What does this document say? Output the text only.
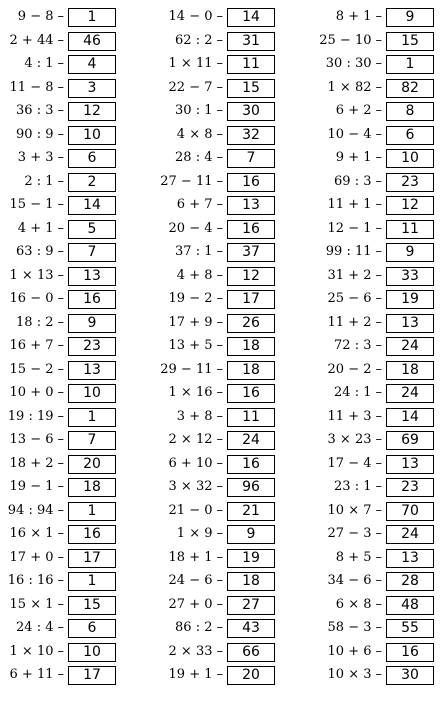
9 − 8 –	1
2 + 44 –	46
4 : 1 –	4
11 − 8 –	3
36 : 3 –	12
90 : 9 –	10
3 + 3 –	6
2 : 1 –	2
15 − 1 –	14
4 + 1 –	5
63 : 9 –	7
1 × 13 –	13
16 − 0 –	16
18 : 2 –	9
16 + 7 –	23
15 − 2 –	13
10 + 0 –	10
19 : 19 –	1
13 − 6 –	7
18 + 2 –	20
19 − 1 –	18
94 : 94 –	1
16 × 1 –	16
17 + 0 –	17
16 : 16 –	1
15 × 1 –	15
24 : 4 –	6
1 × 10 –	10
6 + 11 –	17
14 − 0 –	14
62 : 2 –	31
1 × 11 –	11
22 − 7 –	15
30 : 1 –	30
4 × 8 –	32
28 : 4 –	7
27 − 11 –	16
6 + 7 –	13
20 − 4 –	16
37 : 1 –	37
4 + 8 –	12
19 − 2 –	17
17 + 9 –	26
13 + 5 –	18
29 − 11 –	18
1 × 16 –	16
3 + 8 –	11
2 × 12 –	24
6 + 10 –	16
3 × 32 –	96
21 − 0 –	21
1 × 9 –	9
18 + 1 –	19
24 − 6 –	18
27 + 0 –	27
86 : 2 –	43
2 × 33 –	66
19 + 1 –	20
8 + 1 –	9
25 − 10 –	15
30 : 30 –	1
1 × 82 –	82
6 + 2 –	8
10 − 4 –	6
9 + 1 –	10
69 : 3 –	23
11 + 1 –	12
12 − 1 –	11
99 : 11 –	9
31 + 2 –	33
25 − 6 –	19
11 + 2 –	13
72 : 3 –	24
20 − 2 –	18
24 : 1 –	24
11 + 3 –	14
3 × 23 –	69
17 − 4 –	13
23 : 1 –	23
10 × 7 –	70
27 − 3 –	24
8 + 5 –	13
34 − 6 –	28
6 × 8 –	48
58 − 3 –	55
10 + 6 –	16
10 × 3 –	30
